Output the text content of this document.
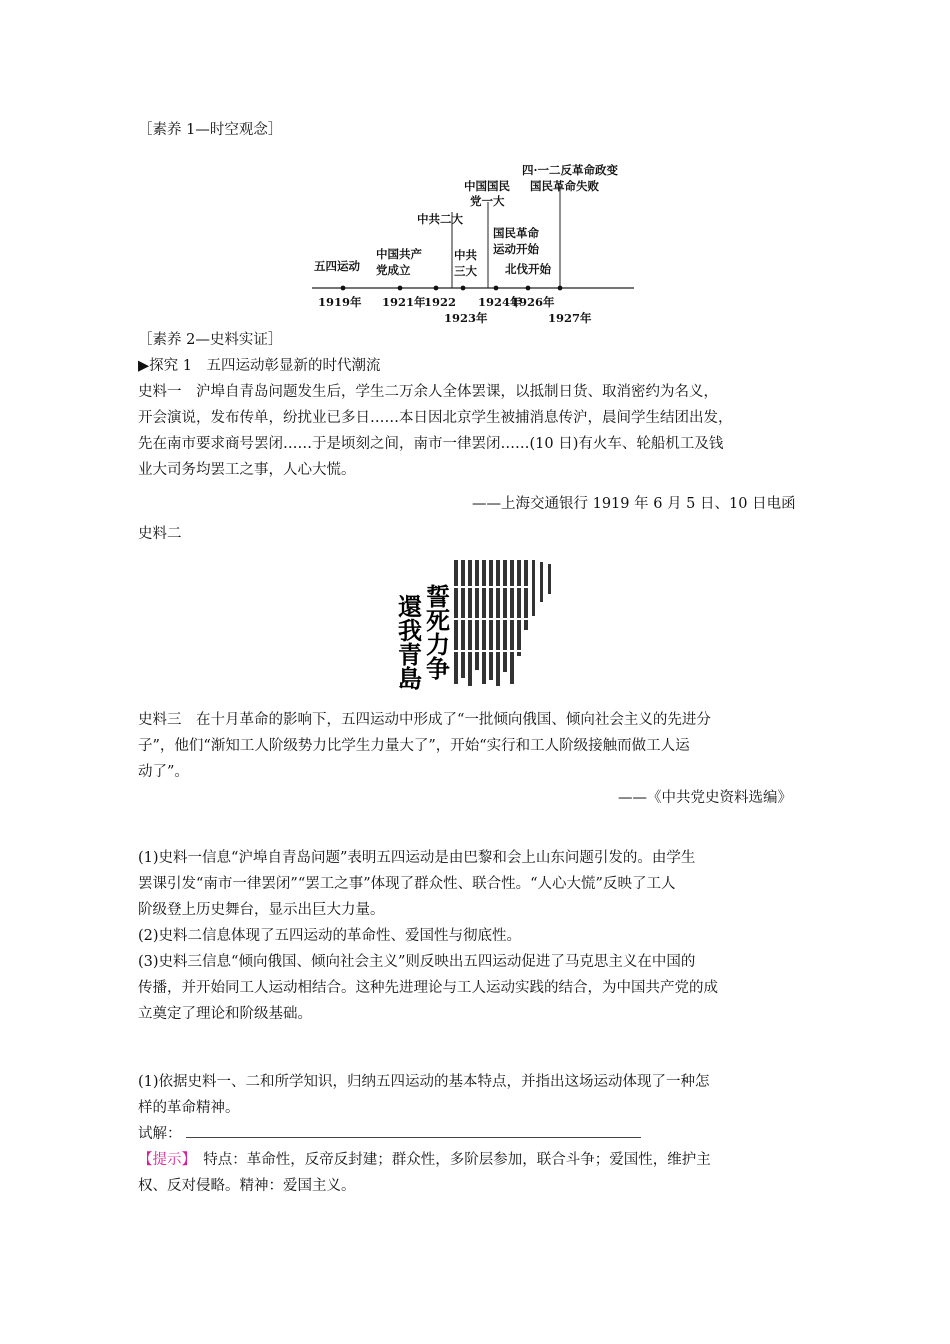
［素养 1—时空观念］
五四运动
中国共产
党成立
中共二大
中共
三大
中国国民
党一大
国民革命
运动开始
北伐开始
四·一二反革命政变
国民革命失败
1919年 1921年
1922
1923年
1924年
1926年
1927年
［素养 2—史料实证］
▶探究 1　五四运动彰显新的时代潮流
史料一　沪埠自青岛问题发生后，学生二万余人全体罢课，以抵制日货、取消密约为名义，
开会演说，发布传单，纷扰业已多日……本日因北京学生被捕消息传沪，晨间学生结团出发，
先在南市要求商号罢闭……于是顷刻之间，南市一律罢闭……(10 日)有火车、轮船机工及钱
业大司务均罢工之事，人心大慌。
——上海交通银行 1919 年 6 月 5 日、10 日电函
史料二
誓死力争
還我青島
史料三　在十月革命的影响下，五四运动中形成了“一批倾向俄国、倾向社会主义的先进分
子”，他们“渐知工人阶级势力比学生力量大了”，开始“实行和工人阶级接触而做工人运
动了”。
——《中共党史资料选编》
(1)史料一信息“沪埠自青岛问题”表明五四运动是由巴黎和会上山东问题引发的。由学生
罢课引发“南市一律罢闭”“罢工之事”体现了群众性、联合性。“人心大慌”反映了工人
阶级登上历史舞台，显示出巨大力量。
(2)史料二信息体现了五四运动的革命性、爱国性与彻底性。
(3)史料三信息“倾向俄国、倾向社会主义”则反映出五四运动促进了马克思主义在中国的
传播，并开始同工人运动相结合。这种先进理论与工人运动实践的结合，为中国共产党的成
立奠定了理论和阶级基础。
(1)依据史料一、二和所学知识，归纳五四运动的基本特点，并指出这场运动体现了一种怎
样的革命精神。
试解：
【提示】　特点：革命性，反帝反封建；群众性，多阶层参加，联合斗争；爱国性，维护主
权、反对侵略。精神：爱国主义。
